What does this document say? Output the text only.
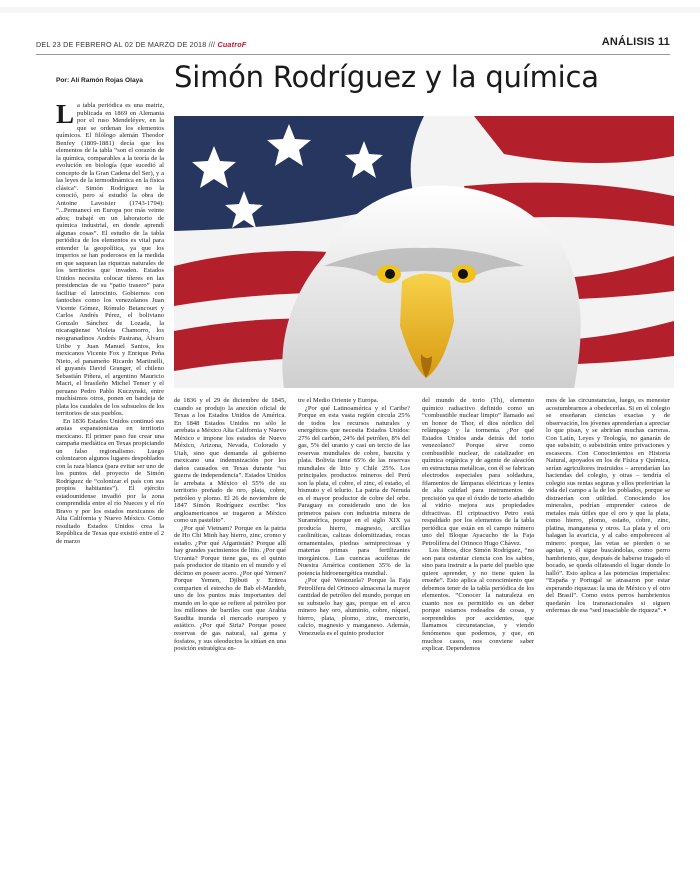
DEL 23 DE FEBRERO AL 02 DE MARZO DE 2018 /// CuatroF	ANÁLISIS 11
Por: Alí Ramón Rojas Olaya Simón Rodríguez y la química

La tabla periódica es una matriz, publicada en 1869 en Alemania por el ruso Mendeléyev, en la que se ordenan los elementos químicos. El filólogo alemán Theodor Benfey (1809-1881) decía que los elementos de la tabla “son el corazón de la química, comparables a la teoría de la evolución en biología (que sucedió al concepto de la Gran Cadena del Ser), y a las leyes de la termodinámica en la física clásica”. Simón Rodríguez no la conoció, pero sí estudió la obra de Antoine Lavoisier (1743-1794): “...Permanecí en Europa por más veinte años; trabajé en un laboratorio de química industrial, en donde aprendí algunas cosas”. El estudio de la tabla periódica de los elementos es vital para entender la geopolítica, ya que los imperios se han poderosos en la medida en que saquean las riquezas naturales de los territorios que invaden. Estados Unidos necesita colocar títeres en las presidencias de su “patio trasero” para facilitar el latrocinio. Gobiernos con fantoches como los venezolanos Juan Vicente Gómez, Rómulo Betancourt y Carlos Andrés Pérez, el boliviano Gonzalo Sánchez de Lozada, la nicaragüense Violeta Chamorro, los neogranadinos Andrés Pastrana, Álvaro Uribe y Juan Manuel Santos, los mexicanos Vicente Fox y Enrique Peña Nieto, el panameño Ricardo Martinelli, el guyanés David Granger, el chileno Sebastián Piñera, el argentino Mauricio Macri, el brasileño Michel Temer y el peruano Pedro Pablo Kuczynski, entre muchísimos otros, ponen en bandeja de plata los caudales de los subsuelos de los territorios de sus pueblos.

En 1836 Estados Unidos continuó sus ansias expansionistas en territorio mexicano. El primer paso fue crear una campaña mediática en Texas propiciando un falso regionalismo. Luego colonizaron algunos lugares despoblados con la raza blanca (para evitar ser uno de los puntos del proyecto de Simón Rodríguez de “colonizar el país con sus propios habitantes”). El ejército estadounidense invadió por la zona comprendida entre el río Nueces y el río Bravo y por los estados mexicanos de Alta California y Nuevo México. Como resultado Estados Unidos crea la República de Texas que existió entre el 2 de marzo

de 1836 y el 29 de diciembre de 1845, cuando se produjo la anexión oficial de Texas a los Estados Unidos de América. En 1848 Estados Unidos no sólo le arrebata a México Alta California y Nuevo México e impone los estados de Nuevo México, Arizona, Nevada, Colorado y Utah, sino que demanda al gobierno mexicano una indemnización por los daños causados en Texas durante “su guerra de independencia”. Estados Unidos le arrebata a México el 55% de su territorio preñado de oro, plata, cobre, petróleo y plomo. El 26 de noviembre de 1847 Simón Rodríguez escribe: “los angloamericanos se tragaron a México como un pastelito”.

¿Por qué Vietnam? Porque en la patria de Ho Chi Minh hay hierro, zinc, cromo y estaño. ¿Por qué Afganistán? Porque allí hay grandes yacimientos de litio. ¿Por qué Ucrania? Porque tiene gas, es el quinto país productor de titanio en el mundo y el décimo en poseer acero. ¿Por qué Yemen? Porque Yemen, Djibuti y Eritrea comparten el estrecho de Bab el-Mandeb, uno de los puntos más importantes del mundo en lo que se refiere al petróleo por los millones de barriles con que Arabia Saudita inunda el mercado europeo y asiático. ¿Por qué Siria? Porque posee reservas de gas natural, sal gema y fosfatos, y sus oleoductos la sitúan en una posición estratégica en-

tre el Medio Oriente y Europa.

¿Por qué Latinoamérica y el Caribe? Porque en esta vasta región circula 25% de todos los recursos naturales y energéticos que necesita Estados Unidos: 27% del carbón, 24% del petróleo, 8% del gas, 5% del uranio y casi un tercio de las reservas mundiales de cobre, bauxita y plata. Bolivia tiene 65% de las reservas mundiales de litio y Chile 25%. Los principales productos mineros del Perú son la plata, el cobre, el zinc, el estaño, el bismuto y el telurio. La patria de Neruda es el mayor productor de cobre del orbe. Paraguay es considerado uno de los primeros países con industria minera de Suramérica, porque en el siglo XIX ya producía hierro, magnesio, arcillas caoliníticas, calizas dolomitizadas, rocas ornamentales, piedras semipreciosas y materias primas para fertilizantes inorgánicos. Las cuencas acuíferas de Nuestra América contienen 35% de la potencia hidroenergética mundial.

¿Por qué Venezuela? Porque la Faja Petrolífera del Orinoco almacena la mayor cantidad de petróleo del mundo, porque en su subsuelo hay gas, porque en el arco minero hay oro, aluminio, cobre, níquel, hierro, plata, plomo, zinc, mercurio, calcio, magnesio y manganeso. Además, Venezuela es el quinto productor

del mundo de torio (Th), elemento químico radiactivo definido como un “combustible nuclear limpio” llamado así en honor de Thor, el dios nórdico del relámpago y la tormenta. ¿Por qué Estados Unidos anda detrás del torio venezolano? Porque sirve como combustible nuclear, de catalizador en química orgánica y de agente de aleación en estructuras metálicas, con él se fabrican electrodos especiales para soldadura, filamentos de lámparas eléctricas y lentes de alta calidad para instrumentos de precisión ya que el óxido de torio añadido al vidrio mejora sus propiedades difractivas. El criptoactivo Petro está respaldado por los elementos de la tabla periódica que están en el campo número uno del Bloque Ayacucho de la Faja Petrolífera del Orinoco Hugo Chávez.

Los libros, dice Simón Rodríguez, “no son para ostentar ciencia con los sabios, sino para instruir a la parte del pueblo que quiere aprender, y no tiene quien la enseñe”. Esto aplica al conocimiento que debemos tener de la tabla periódica de los elementos. “Conocer la naturaleza en cuanto nos es permitido es un deber porque estamos rodeados de cosas, y sorprendidos por accidentes, que llamamos circunstancias, y viendo fenómenos que podemos, y que, en muchos casos, nos conviene saber explicar. Dependemos

mos de las circunstancias, luego, es menester acostumbrarnos a obedecerlas. Si en el colegio se enseñaran ciencias exactas y de observación, los jóvenes aprenderían a apreciar lo que pisan, y se abrirían muchas carreras. Con Latín, Leyes y Teología, no ganarán de que subsistir, o subsistirán entre privaciones y escaseces. Con Conocimientos en Historia Natural, apoyados en los de Física y Química, serían agricultores instruidos – arrendarían las haciendas del colegio, y otras – tendría el colegio sus rentas seguras y ellos preferirían la vida del campo a la de los poblados, porque se distraerían con utilidad. Conociendo los minerales, podrían emprender cateos de metales más útiles que el oro y que la plata, como hierro, plomo, estaño, cobre, zinc, platina, manganesa y otros. La plata y el oro halagan la avaricia, y al cabo empobrecen al minero: porque, las vetas se pierden o se agotan, y él sigue buscándolas, como perro hambriento, que, después de haberse tragado el bocado, se queda olfateando el lugar donde lo halló”. Esto aplica a las potencias imperiales: “España y Portugal se atrasaron por estar esperando riquezas: la una de México y el otro del Brasil”. Como estos perros hambrientos quedarán los transnacionales si siguen enfermas de esa “sed insaciable de riqueza”. ▪
